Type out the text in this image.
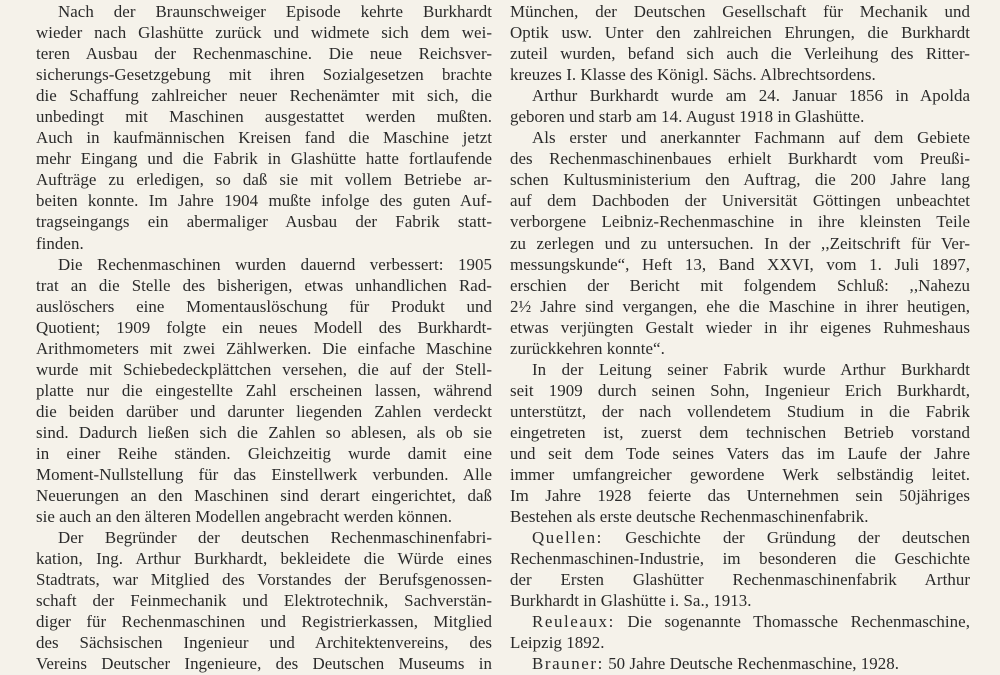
Nach der Braunschweiger Episode kehrte Burkhardt
wieder nach Glashütte zurück und widmete sich dem wei-
teren Ausbau der Rechenmaschine. Die neue Reichsver-
sicherungs-Gesetzgebung mit ihren Sozialgesetzen brachte
die Schaffung zahlreicher neuer Rechenämter mit sich, die
unbedingt mit Maschinen ausgestattet werden mußten.
Auch in kaufmännischen Kreisen fand die Maschine jetzt
mehr Eingang und die Fabrik in Glashütte hatte fortlaufende
Aufträge zu erledigen, so daß sie mit vollem Betriebe ar-
beiten konnte. Im Jahre 1904 mußte infolge des guten Auf-
tragseingangs ein abermaliger Ausbau der Fabrik statt-
finden.

Die Rechenmaschinen wurden dauernd verbessert: 1905
trat an die Stelle des bisherigen, etwas unhandlichen Rad-
auslöschers eine Momentauslöschung für Produkt und
Quotient; 1909 folgte ein neues Modell des Burkhardt-
Arithmometers mit zwei Zählwerken. Die einfache Maschine
wurde mit Schiebedeckplättchen versehen, die auf der Stell-
platte nur die eingestellte Zahl erscheinen lassen, während
die beiden darüber und darunter liegenden Zahlen verdeckt
sind. Dadurch ließen sich die Zahlen so ablesen, als ob sie
in einer Reihe ständen. Gleichzeitig wurde damit eine
Moment-Nullstellung für das Einstellwerk verbunden. Alle
Neuerungen an den Maschinen sind derart eingerichtet, daß
sie auch an den älteren Modellen angebracht werden können.

Der Begründer der deutschen Rechenmaschinenfabri-
kation, Ing. Arthur Burkhardt, bekleidete die Würde eines
Stadtrats, war Mitglied des Vorstandes der Berufsgenossen-
schaft der Feinmechanik und Elektrotechnik, Sachverstän-
diger für Rechenmaschinen und Registrierkassen, Mitglied
des Sächsischen Ingenieur und Architektenvereins, des
Vereins Deutscher Ingenieure, des Deutschen Museums in

München, der Deutschen Gesellschaft für Mechanik und
Optik usw. Unter den zahlreichen Ehrungen, die Burkhardt
zuteil wurden, befand sich auch die Verleihung des Ritter-
kreuzes I. Klasse des Königl. Sächs. Albrechtsordens.

Arthur Burkhardt wurde am 24. Januar 1856 in Apolda
geboren und starb am 14. August 1918 in Glashütte.

Als erster und anerkannter Fachmann auf dem Gebiete
des Rechenmaschinenbaues erhielt Burkhardt vom Preußi-
schen Kultusministerium den Auftrag, die 200 Jahre lang
auf dem Dachboden der Universität Göttingen unbeachtet
verborgene Leibniz-Rechenmaschine in ihre kleinsten Teile
zu zerlegen und zu untersuchen. In der ,,Zeitschrift für Ver-
messungskunde“, Heft 13, Band XXVI, vom 1. Juli 1897,
erschien der Bericht mit folgendem Schluß: ,,Nahezu
2½ Jahre sind vergangen, ehe die Maschine in ihrer heutigen,
etwas verjüngten Gestalt wieder in ihr eigenes Ruhmeshaus
zurückkehren konnte“.

In der Leitung seiner Fabrik wurde Arthur Burkhardt
seit 1909 durch seinen Sohn, Ingenieur Erich Burkhardt,
unterstützt, der nach vollendetem Studium in die Fabrik
eingetreten ist, zuerst dem technischen Betrieb vorstand
und seit dem Tode seines Vaters das im Laufe der Jahre
immer umfangreicher gewordene Werk selbständig leitet.
Im Jahre 1928 feierte das Unternehmen sein 50jähriges
Bestehen als erste deutsche Rechenmaschinenfabrik.

Quellen: Geschichte der Gründung der deutschen
Rechenmaschinen-Industrie, im besonderen die Geschichte
der Ersten Glashütter Rechenmaschinenfabrik Arthur
Burkhardt in Glashütte i. Sa., 1913.

Reuleaux: Die sogenannte Thomassche Rechenmaschine,
Leipzig 1892.

Brauner: 50 Jahre Deutsche Rechenmaschine, 1928.
